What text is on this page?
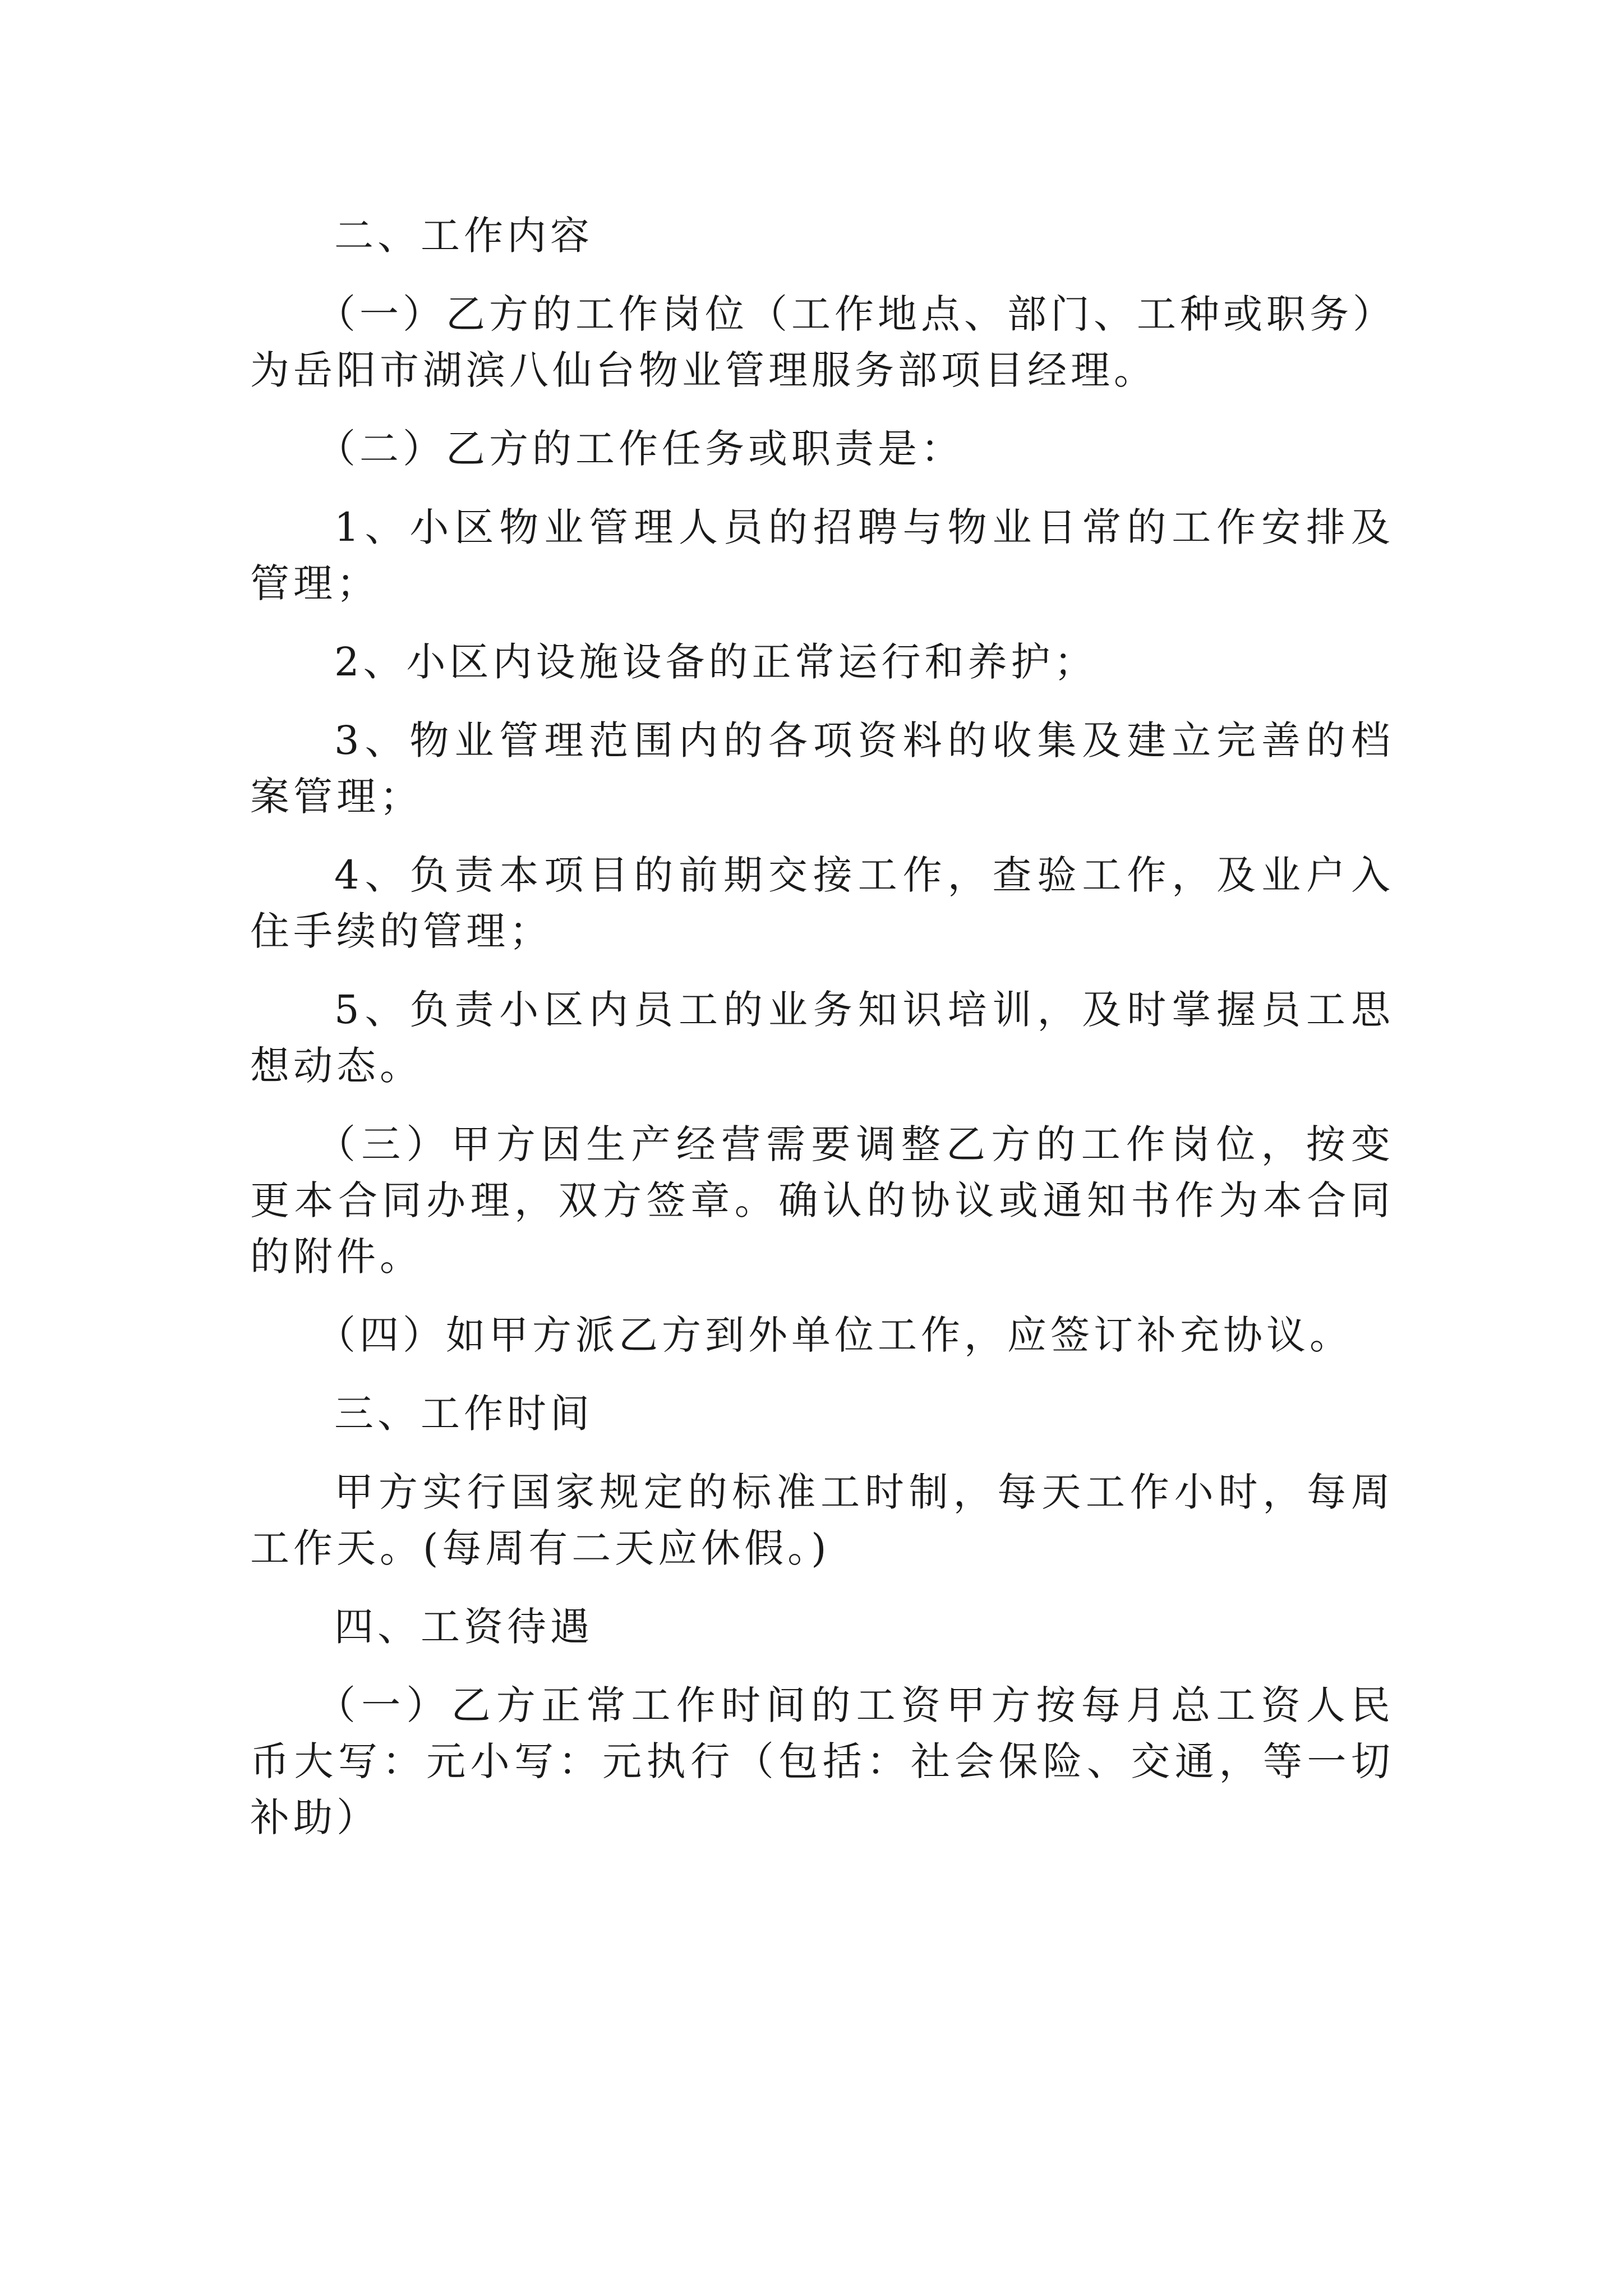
二、工作内容

（一）乙方的工作岗位（工作地点、部门、工种或职务）

为岳阳市湖滨八仙台物业管理服务部项目经理。

（二）乙方的工作任务或职责是：

1、小区物业管理人员的招聘与物业日常的工作安排及

管理；

2、小区内设施设备的正常运行和养护；

3、物业管理范围内的各项资料的收集及建立完善的档

案管理；

4、负责本项目的前期交接工作，查验工作，及业户入

住手续的管理；

5、负责小区内员工的业务知识培训，及时掌握员工思

想动态。

（三）甲方因生产经营需要调整乙方的工作岗位，按变

更本合同办理，双方签章。确认的协议或通知书作为本合同

的附件。

（四）如甲方派乙方到外单位工作，应签订补充协议。

三、工作时间

甲方实行国家规定的标准工时制，每天工作小时，每周

工作天。(每周有二天应休假。)

四、工资待遇

（一）乙方正常工作时间的工资甲方按每月总工资人民

币大写：元小写：元执行（包括：社会保险、交通，等一切

补助）
